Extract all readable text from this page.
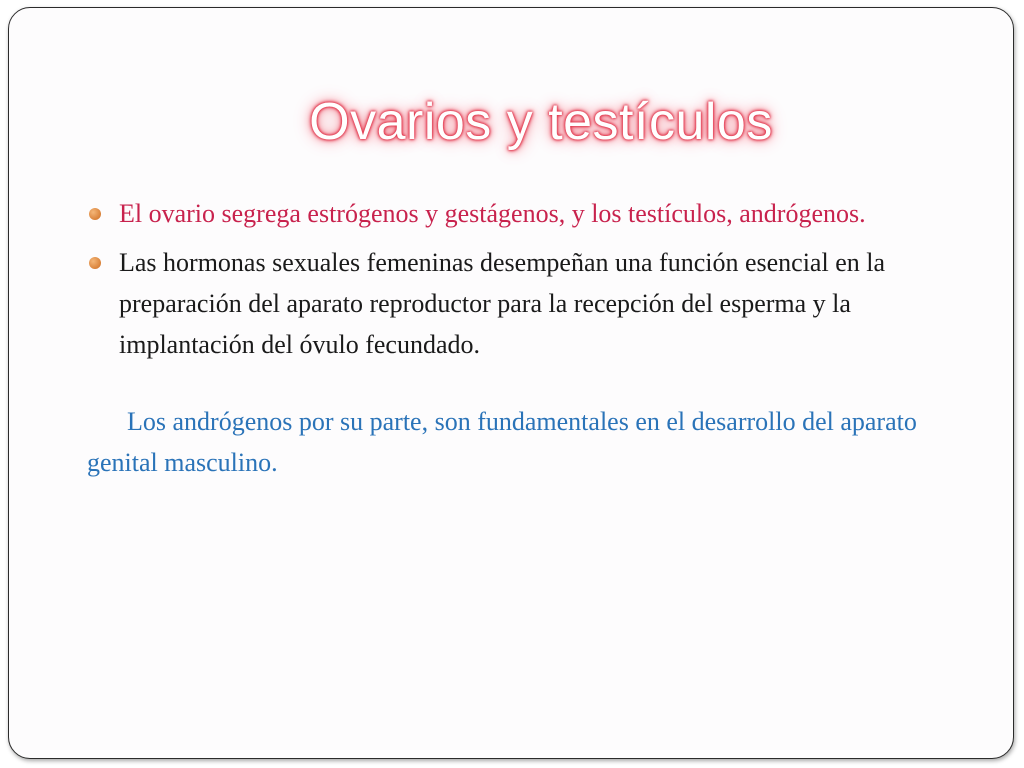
Ovarios y testículos
El ovario segrega estrógenos y gestágenos, y los testículos, andrógenos.
Las hormonas sexuales femeninas desempeñan una función esencial en la preparación del aparato reproductor para la recepción del esperma y la implantación del óvulo fecundado.
Los andrógenos por su parte, son fundamentales en el desarrollo del aparato genital masculino.
